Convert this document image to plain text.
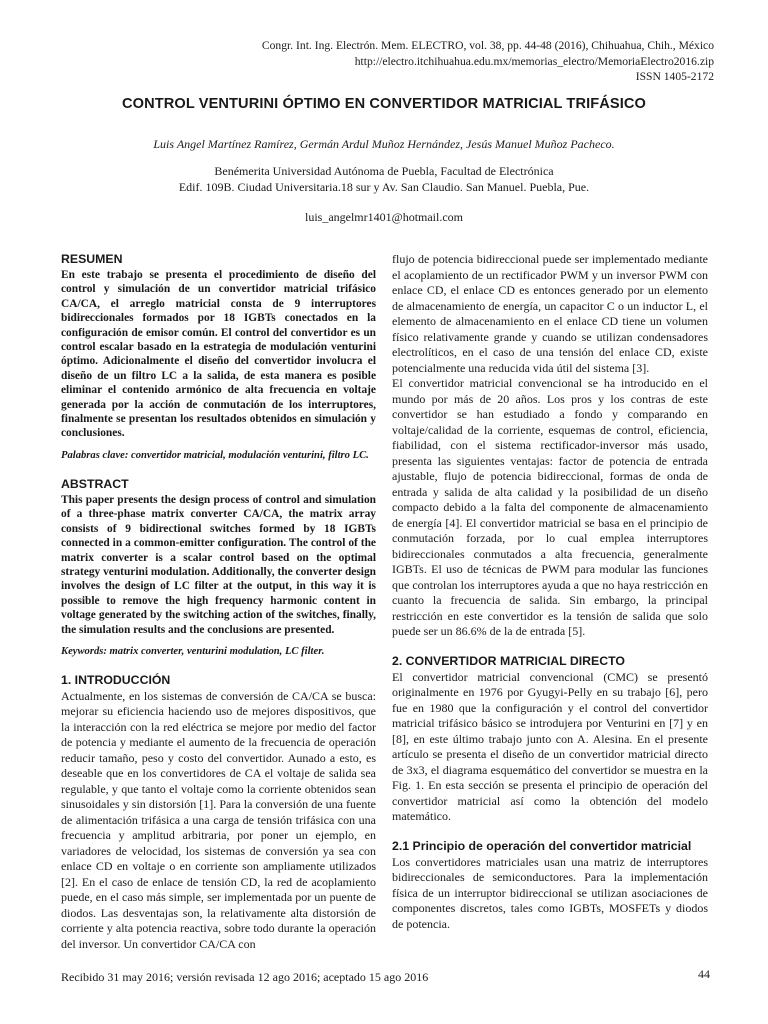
Congr. Int. Ing. Electrón. Mem. ELECTRO, vol. 38, pp. 44-48 (2016), Chihuahua, Chih., México
http://electro.itchihuahua.edu.mx/memorias_electro/MemoriaElectro2016.zip
ISSN 1405-2172
CONTROL VENTURINI ÓPTIMO EN CONVERTIDOR MATRICIAL TRIFÁSICO
Luis Angel Martínez Ramírez, Germán Ardul Muñoz Hernández, Jesús Manuel Muñoz Pacheco.
Benémerita Universidad Autónoma de Puebla, Facultad de Electrónica
Edif. 109B. Ciudad Universitaria.18 sur y Av. San Claudio. San Manuel. Puebla, Pue.
luis_angelmr1401@hotmail.com
RESUMEN

En este trabajo se presenta el procedimiento de diseño del control y simulación de un convertidor matricial trifásico CA/CA, el arreglo matricial consta de 9 interruptores bidireccionales formados por 18 IGBTs conectados en la configuración de emisor común. El control del convertidor es un control escalar basado en la estrategia de modulación venturini óptimo. Adicionalmente el diseño del convertidor involucra el diseño de un filtro LC a la salida, de esta manera es posible eliminar el contenido armónico de alta frecuencia en voltaje generada por la acción de conmutación de los interruptores, finalmente se presentan los resultados obtenidos en simulación y conclusiones.

Palabras clave: convertidor matricial, modulación venturini, filtro LC.

ABSTRACT

This paper presents the design process of control and simulation of a three-phase matrix converter CA/CA, the matrix array consists of 9 bidirectional switches formed by 18 IGBTs connected in a common-emitter configuration. The control of the matrix converter is a scalar control based on the optimal strategy venturini modulation. Additionally, the converter design involves the design of LC filter at the output, in this way it is possible to remove the high frequency harmonic content in voltage generated by the switching action of the switches, finally, the simulation results and the conclusions are presented.

Keywords: matrix converter, venturini modulation, LC filter.

1. INTRODUCCIÓN

Actualmente, en los sistemas de conversión de CA/CA se busca: mejorar su eficiencia haciendo uso de mejores dispositivos, que la interacción con la red eléctrica se mejore por medio del factor de potencia y mediante el aumento de la frecuencia de operación reducir tamaño, peso y costo del convertidor. Aunado a esto, es deseable que en los convertidores de CA el voltaje de salida sea regulable, y que tanto el voltaje como la corriente obtenidos sean sinusoidales y sin distorsión [1]. Para la conversión de una fuente de alimentación trifásica a una carga de tensión trifásica con una frecuencia y amplitud arbitraria, por poner un ejemplo, en variadores de velocidad, los sistemas de conversión ya sea con enlace CD en voltaje o en corriente son ampliamente utilizados [2]. En el caso de enlace de tensión CD, la red de acoplamiento puede, en el caso más simple, ser implementada por un puente de diodos. Las desventajas son, la relativamente alta distorsión de corriente y alta potencia reactiva, sobre todo durante la operación del inversor. Un convertidor CA/CA con

flujo de potencia bidireccional puede ser implementado mediante el acoplamiento de un rectificador PWM y un inversor PWM con enlace CD, el enlace CD es entonces generado por un elemento de almacenamiento de energía, un capacitor C o un inductor L, el elemento de almacenamiento en el enlace CD tiene un volumen físico relativamente grande y cuando se utilizan condensadores electrolíticos, en el caso de una tensión del enlace CD, existe potencialmente una reducida vida útil del sistema [3].

El convertidor matricial convencional se ha introducido en el mundo por más de 20 años. Los pros y los contras de este convertidor se han estudiado a fondo y comparando en voltaje/calidad de la corriente, esquemas de control, eficiencia, fiabilidad, con el sistema rectificador-inversor más usado, presenta las siguientes ventajas: factor de potencia de entrada ajustable, flujo de potencia bidireccional, formas de onda de entrada y salida de alta calidad y la posibilidad de un diseño compacto debido a la falta del componente de almacenamiento de energía [4]. El convertidor matricial se basa en el principio de conmutación forzada, por lo cual emplea interruptores bidireccionales conmutados a alta frecuencia, generalmente IGBTs. El uso de técnicas de PWM para modular las funciones que controlan los interruptores ayuda a que no haya restricción en cuanto la frecuencia de salida. Sin embargo, la principal restricción en este convertidor es la tensión de salida que solo puede ser un 86.6% de la de entrada [5].

2. CONVERTIDOR MATRICIAL DIRECTO

El convertidor matricial convencional (CMC) se presentó originalmente en 1976 por Gyugyi-Pelly en su trabajo [6], pero fue en 1980 que la configuración y el control del convertidor matricial trifásico básico se introdujera por Venturini en [7] y en [8], en este último trabajo junto con A. Alesina. En el presente artículo se presenta el diseño de un convertidor matricial directo de 3x3, el diagrama esquemático del convertidor se muestra en la Fig. 1. En esta sección se presenta el principio de operación del convertidor matricial así como la obtención del modelo matemático.

2.1 Principio de operación del convertidor matricial

Los convertidores matriciales usan una matriz de interruptores bidireccionales de semiconductores. Para la implementación física de un interruptor bidireccional se utilizan asociaciones de componentes discretos, tales como IGBTs, MOSFETs y diodos de potencia.

Recibido 31 may 2016; versión revisada 12 ago 2016; aceptado 15 ago 2016	44
